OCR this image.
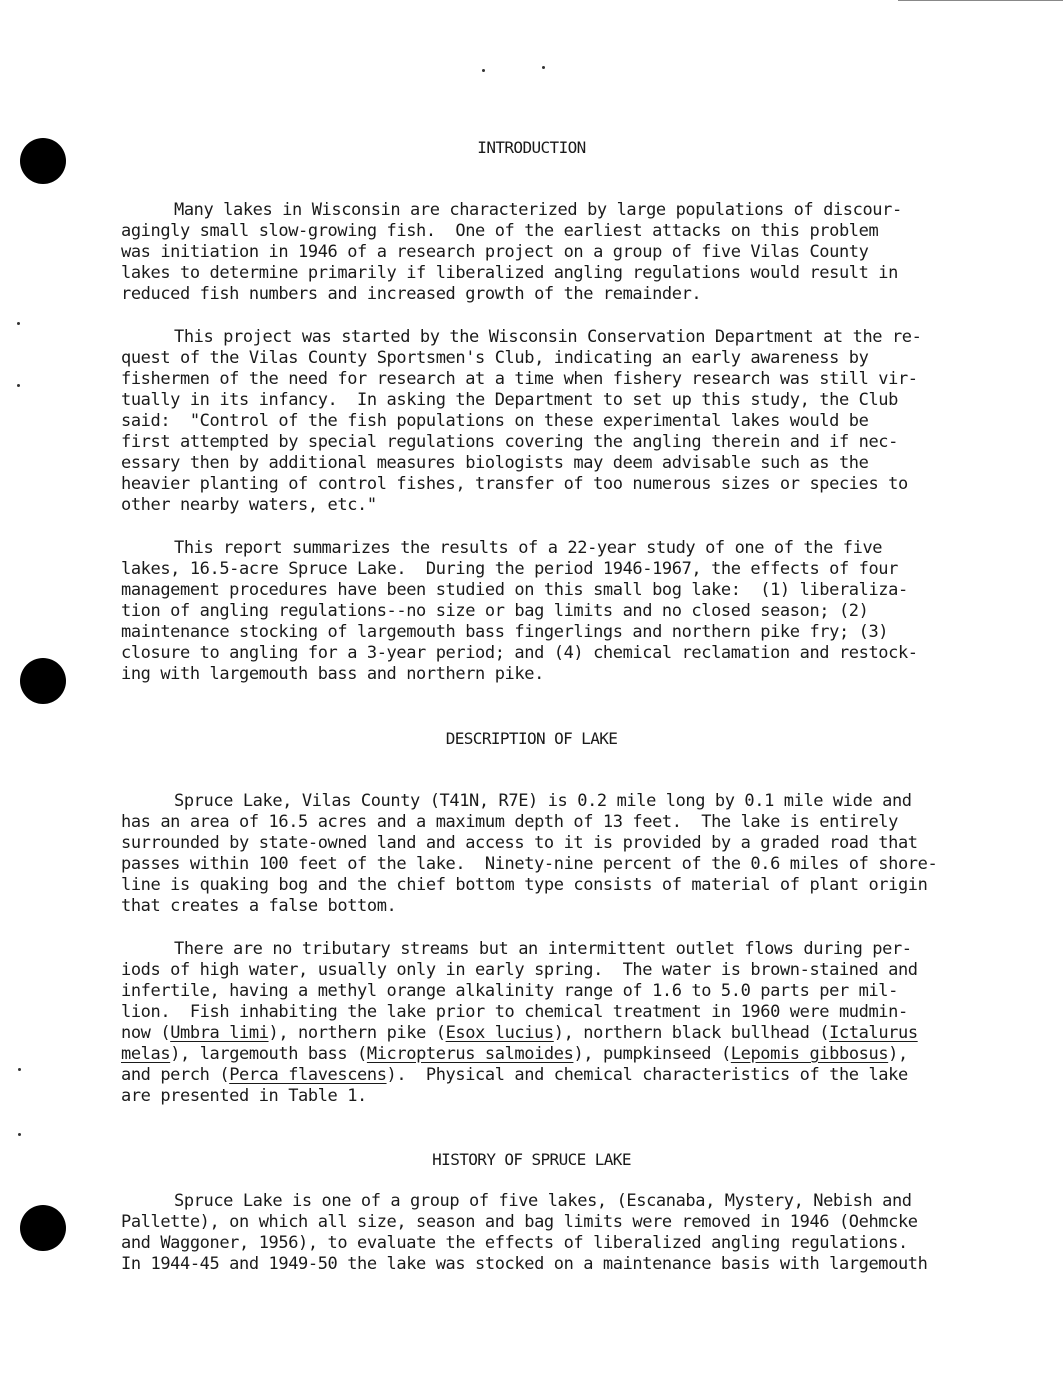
INTRODUCTION
Many lakes in Wisconsin are characterized by large populations of discour-
agingly small slow-growing fish.  One of the earliest attacks on this problem
was initiation in 1946 of a research project on a group of five Vilas County
lakes to determine primarily if liberalized angling regulations would result in
reduced fish numbers and increased growth of the remainder.
This project was started by the Wisconsin Conservation Department at the re-
quest of the Vilas County Sportsmen's Club, indicating an early awareness by
fishermen of the need for research at a time when fishery research was still vir-
tually in its infancy.  In asking the Department to set up this study, the Club
said:  "Control of the fish populations on these experimental lakes would be
first attempted by special regulations covering the angling therein and if nec-
essary then by additional measures biologists may deem advisable such as the
heavier planting of control fishes, transfer of too numerous sizes or species to
other nearby waters, etc."
This report summarizes the results of a 22-year study of one of the five
lakes, 16.5-acre Spruce Lake.  During the period 1946-1967, the effects of four
management procedures have been studied on this small bog lake:  (1) liberaliza-
tion of angling regulations--no size or bag limits and no closed season; (2)
maintenance stocking of largemouth bass fingerlings and northern pike fry; (3)
closure to angling for a 3-year period; and (4) chemical reclamation and restock-
ing with largemouth bass and northern pike.
DESCRIPTION OF LAKE
Spruce Lake, Vilas County (T41N, R7E) is 0.2 mile long by 0.1 mile wide and
has an area of 16.5 acres and a maximum depth of 13 feet.  The lake is entirely
surrounded by state-owned land and access to it is provided by a graded road that
passes within 100 feet of the lake.  Ninety-nine percent of the 0.6 miles of shore-
line is quaking bog and the chief bottom type consists of material of plant origin
that creates a false bottom.
There are no tributary streams but an intermittent outlet flows during per-
iods of high water, usually only in early spring.  The water is brown-stained and
infertile, having a methyl orange alkalinity range of 1.6 to 5.0 parts per mil-
lion.  Fish inhabiting the lake prior to chemical treatment in 1960 were mudmin-
now (Umbra limi), northern pike (Esox lucius), northern black bullhead (Ictalurus
melas), largemouth bass (Micropterus salmoides), pumpkinseed (Lepomis gibbosus),
and perch (Perca flavescens).  Physical and chemical characteristics of the lake
are presented in Table 1.
HISTORY OF SPRUCE LAKE
Spruce Lake is one of a group of five lakes, (Escanaba, Mystery, Nebish and
Pallette), on which all size, season and bag limits were removed in 1946 (Oehmcke
and Waggoner, 1956), to evaluate the effects of liberalized angling regulations.
In 1944-45 and 1949-50 the lake was stocked on a maintenance basis with largemouth
